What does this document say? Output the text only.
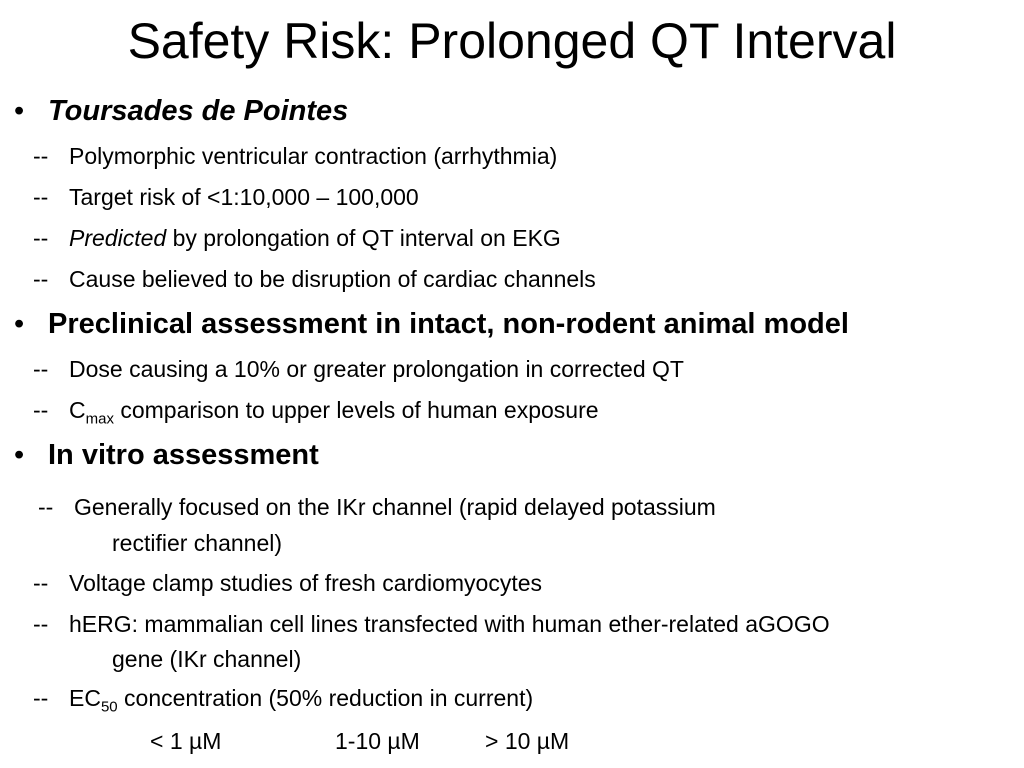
Safety Risk: Prolonged QT Interval
• Toursades de Pointes
-- Polymorphic ventricular contraction (arrhythmia)
-- Target risk of <1:10,000 – 100,000
-- Predicted by prolongation of QT interval on EKG
-- Cause believed to be disruption of cardiac channels
• Preclinical assessment in intact, non-rodent animal model
-- Dose causing a 10% or greater prolongation in corrected QT
-- $C_{max}$ comparison to upper levels of human exposure
• In vitro assessment
-- Generally focused on the IKr channel (rapid delayed potassium
rectifier channel)
-- Voltage clamp studies of fresh cardiomyocytes
-- hERG: mammalian cell lines transfected with human ether-related aGOGO
gene (IKr channel)
-- $EC_{50}$ concentration (50% reduction in current)
< 1 µM	1-10 µM	> 10 µM
